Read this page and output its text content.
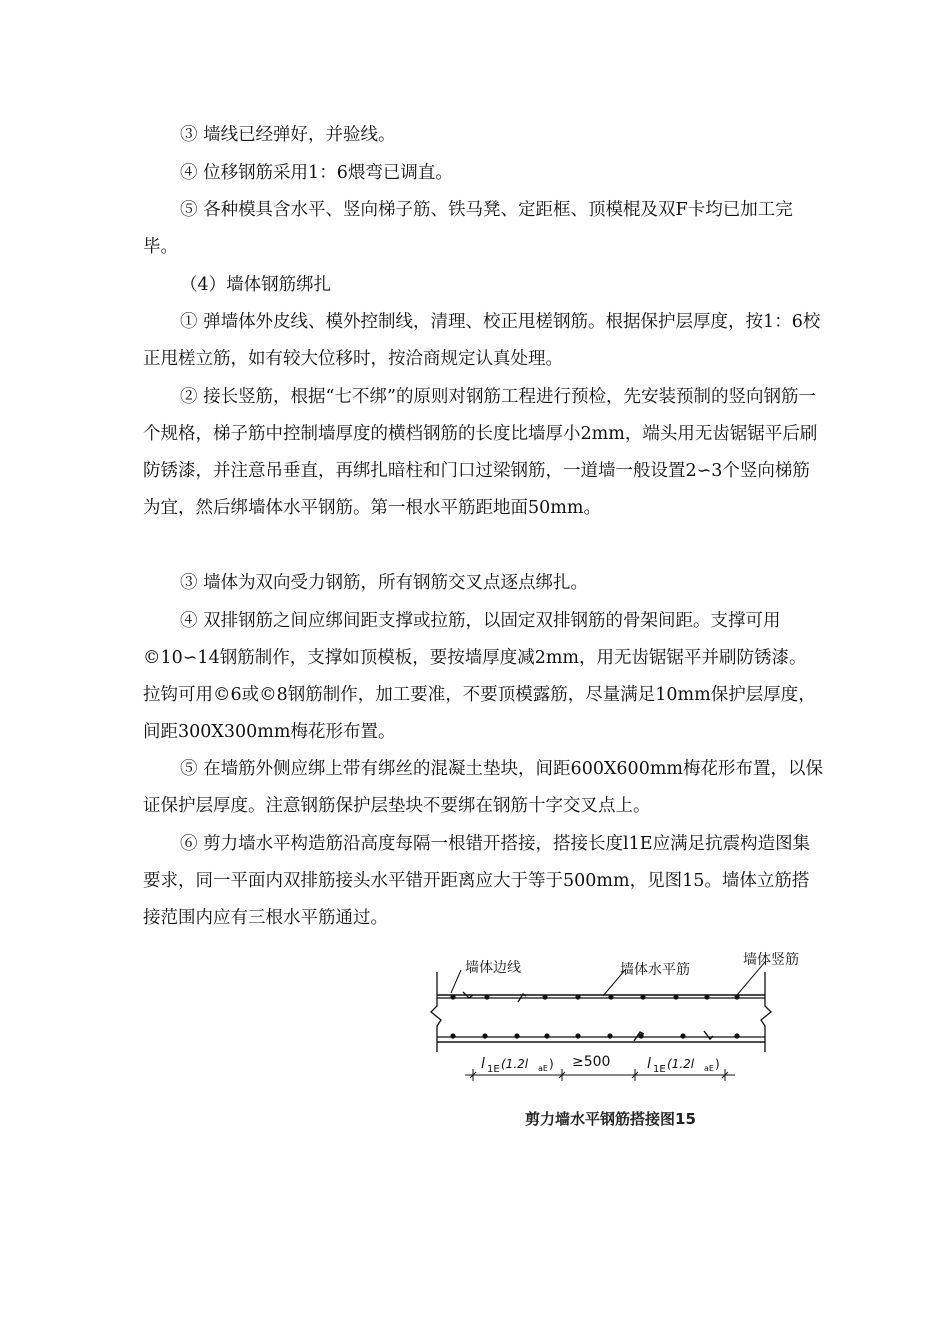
③ 墙线已经弹好，并验线。

④ 位移钢筋采用1：6煨弯已调直。

⑤ 各种模具含水平、竖向梯子筋、铁马凳、定距框、顶模棍及双F卡均已加工完毕。

（4）墙体钢筋绑扎

① 弹墙体外皮线、模外控制线，清理、校正甩槎钢筋。根据保护层厚度，按1：6校正甩槎立筋，如有较大位移时，按洽商规定认真处理。

② 接长竖筋，根据“七不绑”的原则对钢筋工程进行预检，先安装预制的竖向钢筋一个规格，梯子筋中控制墙厚度的横档钢筋的长度比墙厚小2mm，端头用无齿锯锯平后刷防锈漆，并注意吊垂直，再绑扎暗柱和门口过梁钢筋，一道墙一般设置2∽3个竖向梯筋为宜，然后绑墙体水平钢筋。第一根水平筋距地面50mm。

③ 墙体为双向受力钢筋，所有钢筋交叉点逐点绑扎。

④ 双排钢筋之间应绑间距支撑或拉筋，以固定双排钢筋的骨架间距。支撑可用©10∽14钢筋制作，支撑如顶模板，要按墙厚度减2mm，用无齿锯锯平并刷防锈漆。拉钩可用©6或©8钢筋制作，加工要准，不要顶模露筋，尽量满足10mm保护层厚度，间距300X300mm梅花形布置。

⑤ 在墙筋外侧应绑上带有绑丝的混凝土垫块，间距600X600mm梅花形布置，以保证保护层厚度。注意钢筋保护层垫块不要绑在钢筋十字交叉点上。

⑥ 剪力墙水平构造筋沿高度每隔一根错开搭接，搭接长度l1E应满足抗震构造图集要求，同一平面内双排筋接头水平错开距离应大于等于500mm，见图15。墙体立筋搭接范围内应有三根水平筋通过。

墙体边线	墙体水平筋
墙体竖筋
l 1E (1.2l aE ) ≥500	l 1E (1.2l aE )
剪力墙水平钢筋搭接图15
